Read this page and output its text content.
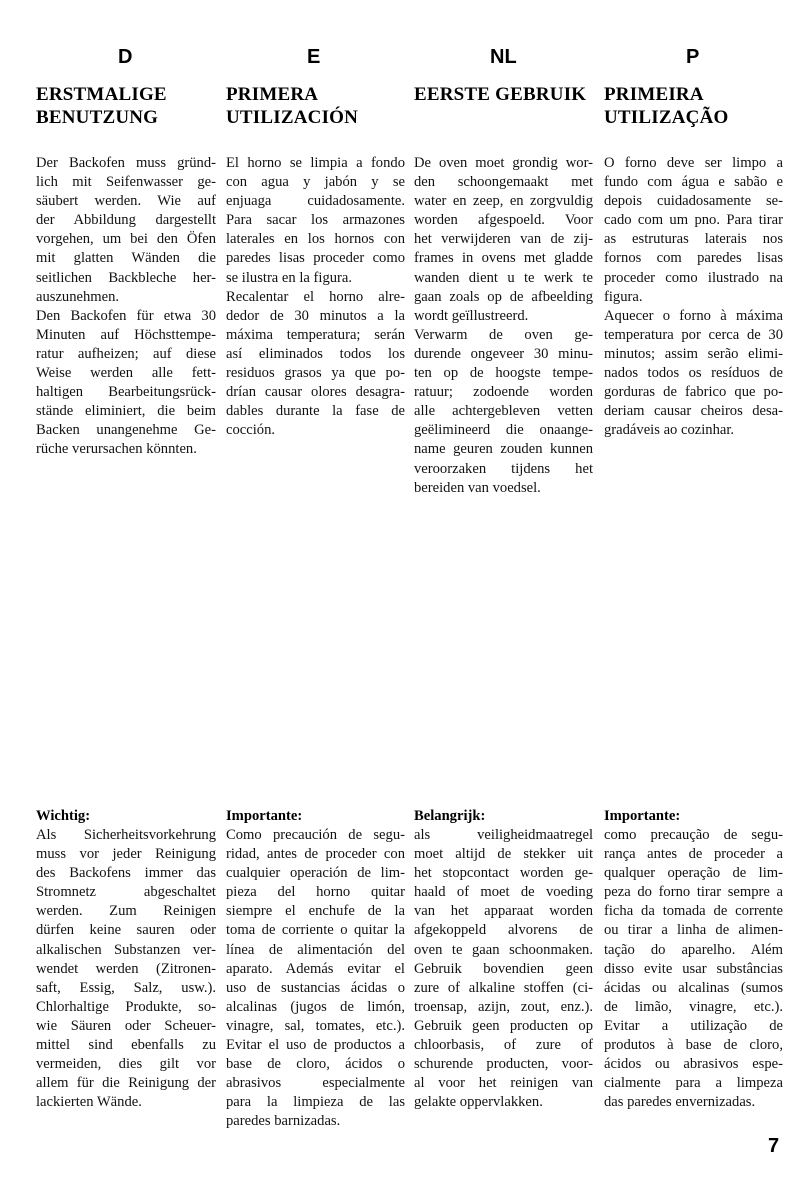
D	E	NL	P
ERSTMALIGE
BENUTZUNG
PRIMERA
UTILIZACIÓN
EERSTE GEBRUIK PRIMEIRA
UTILIZAÇÃO
Der Backofen muss gründ-
lich mit Seifenwasser ge-
säubert werden. Wie auf
der Abbildung dargestellt
vorgehen, um bei den Öfen
mit glatten Wänden die
seitlichen Backbleche her-
auszunehmen.
Den Backofen für etwa 30
Minuten auf Höchsttempe-
ratur aufheizen; auf diese
Weise werden alle fett-
haltigen Bearbeitungsrück-
stände eliminiert, die beim
Backen unangenehme Ge-
rüche verursachen könnten.
El horno se limpia a fondo
con agua y jabón y se
enjuaga cuidadosamente.
Para sacar los armazones
laterales en los hornos con
paredes lisas proceder como
se ilustra en la figura.
Recalentar el horno alre-
dedor de 30 minutos a la
máxima temperatura; serán
así eliminados todos los
residuos grasos ya que po-
drían causar olores desagra-
dables durante la fase de
cocción.
De oven moet grondig wor-
den schoongemaakt met
water en zeep, en zorgvuldig
worden afgespoeld. Voor
het verwijderen van de zij-
frames in ovens met gladde
wanden dient u te werk te
gaan zoals op de afbeelding
wordt geïllustreerd.
Verwarm de oven ge-
durende ongeveer 30 minu-
ten op de hoogste tempe-
ratuur; zodoende worden
alle achtergebleven vetten
geëlimineerd die onaange-
name geuren zouden kunnen
veroorzaken tijdens het
bereiden van voedsel.
O forno deve ser limpo a
fundo com água e sabão e
depois cuidadosamente se-
cado com um pno. Para tirar
as estruturas laterais nos
fornos com paredes lisas
proceder como ilustrado na
figura.
Aquecer o forno à máxima
temperatura por cerca de 30
minutos; assim serão elimi-
nados todos os resíduos de
gorduras de fabrico que po-
deriam causar cheiros desa-
gradáveis ao cozinhar.
Wichtig:
Als Sicherheitsvorkehrung
muss vor jeder Reinigung
des Backofens immer das
Stromnetz abgeschaltet
werden. Zum Reinigen
dürfen keine sauren oder
alkalischen Substanzen ver-
wendet werden (Zitronen-
saft, Essig, Salz, usw.).
Chlorhaltige Produkte, so-
wie Säuren oder Scheuer-
mittel sind ebenfalls zu
vermeiden, dies gilt vor
allem für die Reinigung der
lackierten Wände.
Importante:
Como precaución de segu-
ridad, antes de proceder con
cualquier operación de lim-
pieza del horno quitar
siempre el enchufe de la
toma de corriente o quitar la
línea de alimentación del
aparato. Además evitar el
uso de sustancias ácidas o
alcalinas (jugos de limón,
vinagre, sal, tomates, etc.).
Evitar el uso de productos a
base de cloro, ácidos o
abrasivos especialmente
para la limpieza de las
paredes barnizadas.
Belangrijk:
als veiligheidmaatregel
moet altijd de stekker uit
het stopcontact worden ge-
haald of moet de voeding
van het apparaat worden
afgekoppeld alvorens de
oven te gaan schoonmaken.
Gebruik bovendien geen
zure of alkaline stoffen (ci-
troensap, azijn, zout, enz.).
Gebruik geen producten op
chloorbasis, of zure of
schurende producten, voor-
al voor het reinigen van
gelakte oppervlakken.
Importante:
como precaução de segu-
rança antes de proceder a
qualquer operação de lim-
peza do forno tirar sempre a
ficha da tomada de corrente
ou tirar a linha de alimen-
tação do aparelho. Além
disso evite usar substâncias
ácidas ou alcalinas (sumos
de limão, vinagre, etc.).
Evitar a utilização de
produtos à base de cloro,
ácidos ou abrasivos espe-
cialmente para a limpeza
das paredes envernizadas.
7
